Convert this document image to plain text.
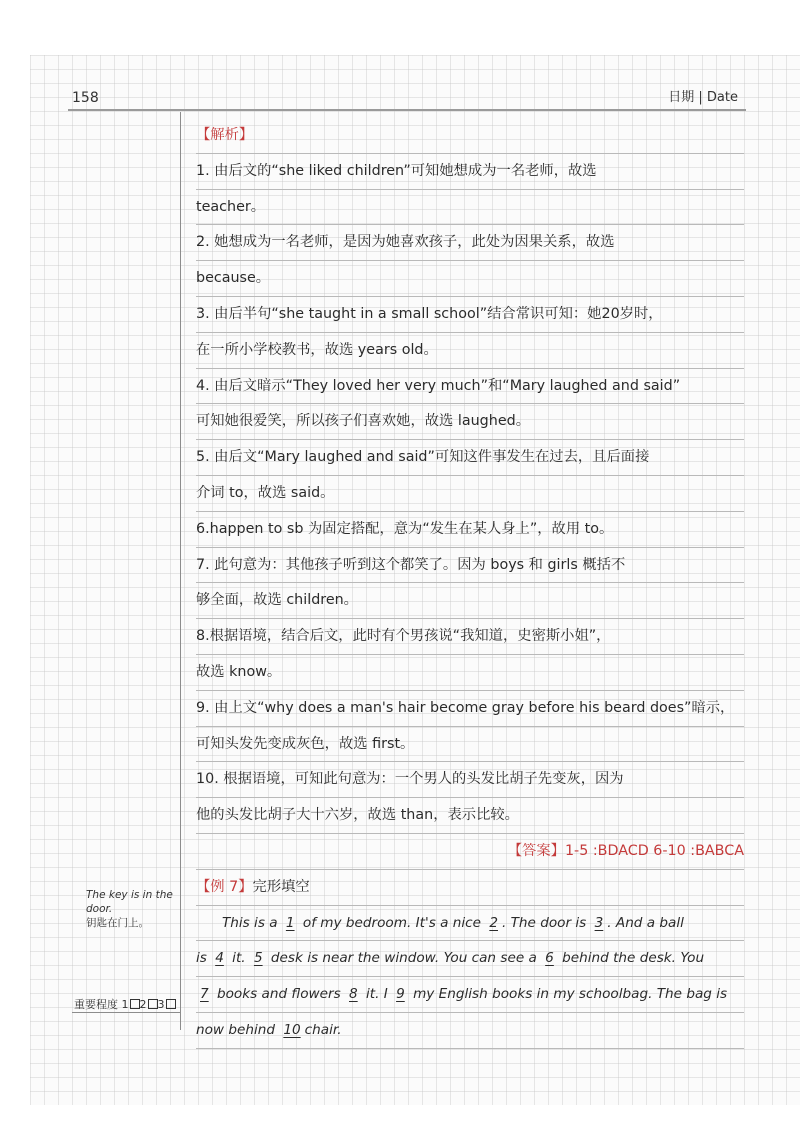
158	日期 | Date
【解析】
1. 由后文的“she liked children”可知她想成为一名老师，故选
teacher。
2. 她想成为一名老师，是因为她喜欢孩子，此处为因果关系，故选
because。
3. 由后半句“she taught in a small school”结合常识可知：她20岁时，
在一所小学校教书，故选 years old。
4. 由后文暗示“They loved her very much”和“Mary laughed and said”
可知她很爱笑，所以孩子们喜欢她，故选 laughed。
5. 由后文“Mary laughed and said”可知这件事发生在过去，且后面接
介词 to，故选 said。
6.happen to sb 为固定搭配，意为“发生在某人身上”，故用 to。
7. 此句意为：其他孩子听到这个都笑了。因为 boys 和 girls 概括不
够全面，故选 children。
8.根据语境，结合后文，此时有个男孩说“我知道，史密斯小姐”，
故选 know。
9. 由上文“why does a man's hair become gray before his beard does”暗示，
可知头发先变成灰色，故选 first。
10. 根据语境，可知此句意为：一个男人的头发比胡子先变灰，因为
他的头发比胡子大十六岁，故选 than，表示比较。
【答案】1-5 :BDACD 6-10 :BABCA
【例 7】完形填空
This is a 1 of my bedroom. It's a nice 2 . The door is 3 . And a ball
is 4 it. 5 desk is near the window. You can see a 6 behind the desk. You
7 books and flowers 8 it. I 9 my English books in my schoolbag. The bag is
now behind 10 chair.
The key is in the
door.
钥匙在门上。
重要程度 1 2 3
